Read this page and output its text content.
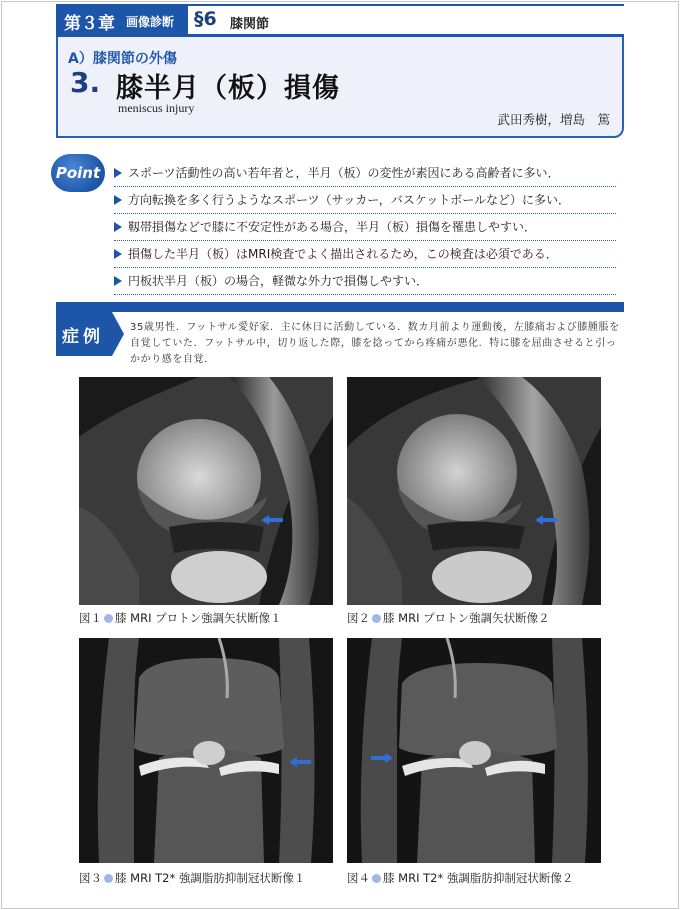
第３章 画像診断 §6 膝関節
A）膝関節の外傷
3. 膝半月（板）損傷
meniscus injury
武田秀樹，増島　篤
Point	スポーツ活動性の高い若年者と，半月（板）の変性が素因にある高齢者に多い．
方向転換を多く行うようなスポーツ（サッカー，バスケットボールなど）に多い．
靱帯損傷などで膝に不安定性がある場合，半月（板）損傷を罹患しやすい．
損傷した半月（板）はMRI検査でよく描出されるため，この検査は必須である．
円板状半月（板）の場合，軽微な外力で損傷しやすい．
症例	35歳男性．フットサル愛好家．主に休日に活動している．数カ月前より運動後，左膝痛および膝腫脹を自覚していた．フットサル中，切り返した際，膝を捻ってから疼痛が悪化．特に膝を屈曲させると引っかかり感を自覚．
図１ 膝 MRI プロトン強調矢状断像１	図２ 膝 MRI プロトン強調矢状断像２
図３ 膝 MRI T2* 強調脂肪抑制冠状断像１	図４ 膝 MRI T2* 強調脂肪抑制冠状断像２
